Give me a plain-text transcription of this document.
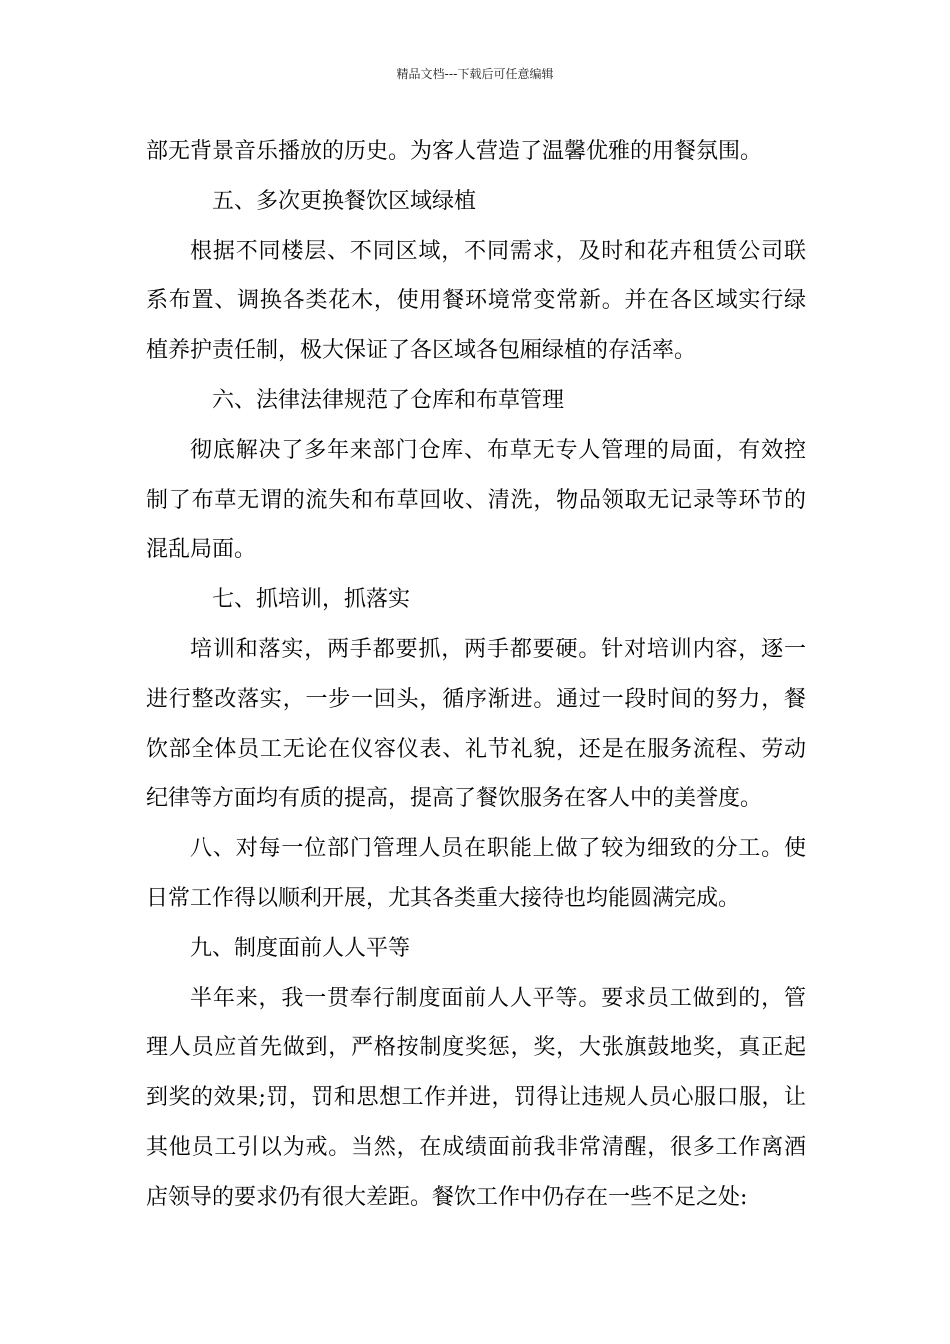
精品文档---下载后可任意编辑
部无背景音乐播放的历史。为客人营造了温馨优雅的用餐氛围。
五、多次更换餐饮区域绿植
根据不同楼层、不同区域，不同需求，及时和花卉租赁公司联
系布置、调换各类花木，使用餐环境常变常新。并在各区域实行绿
植养护责任制，极大保证了各区域各包厢绿植的存活率。
六、法律法律规范了仓库和布草管理
彻底解决了多年来部门仓库、布草无专人管理的局面，有效控
制了布草无谓的流失和布草回收、清洗，物品领取无记录等环节的
混乱局面。
七、抓培训，抓落实
培训和落实，两手都要抓，两手都要硬。针对培训内容，逐一
进行整改落实，一步一回头，循序渐进。通过一段时间的努力，餐
饮部全体员工无论在仪容仪表、礼节礼貌，还是在服务流程、劳动
纪律等方面均有质的提高，提高了餐饮服务在客人中的美誉度。
八、对每一位部门管理人员在职能上做了较为细致的分工。使
日常工作得以顺利开展，尤其各类重大接待也均能圆满完成。
九、制度面前人人平等
半年来，我一贯奉行制度面前人人平等。要求员工做到的，管
理人员应首先做到，严格按制度奖惩，奖，大张旗鼓地奖，真正起
到奖的效果;罚，罚和思想工作并进，罚得让违规人员心服口服，让
其他员工引以为戒。当然，在成绩面前我非常清醒，很多工作离酒
店领导的要求仍有很大差距。餐饮工作中仍存在一些不足之处:
